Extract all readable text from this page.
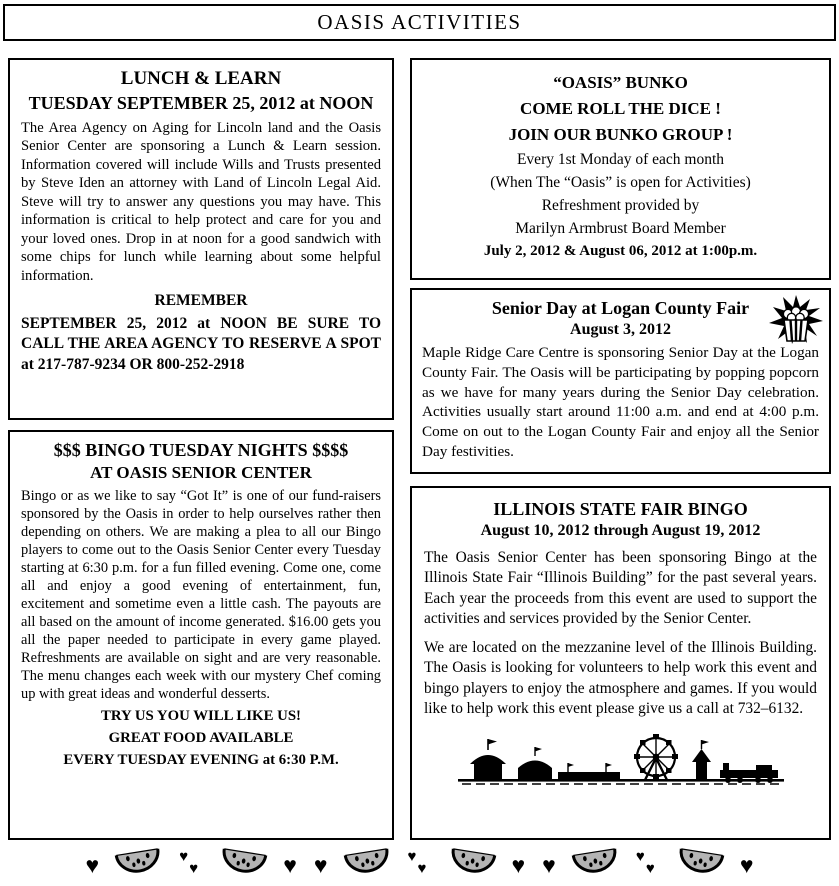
OASIS ACTIVITIES
LUNCH & LEARN
TUESDAY SEPTEMBER 25, 2012 at NOON

The Area Agency on Aging for Lincoln land and the Oasis Senior Center are sponsoring a Lunch & Learn session. Information covered will include Wills and Trusts presented by Steve Iden an attorney with Land of Lincoln Legal Aid. Steve will try to answer any questions you may have. This information is critical to help protect and care for you and your loved ones. Drop in at noon for a good sandwich with some chips for lunch while learning about some helpful information.

REMEMBER

SEPTEMBER 25, 2012 at NOON BE SURE TO CALL THE AREA AGENCY TO RESERVE A SPOT at 217-787-9234 OR 800-252-2918

$$$ BINGO TUESDAY NIGHTS $$$$
AT OASIS SENIOR CENTER

Bingo or as we like to say “Got It” is one of our fund-raisers sponsored by the Oasis in order to help ourselves rather then depending on others. We are making a plea to all our Bingo players to come out to the Oasis Senior Center every Tuesday starting at 6:30 p.m. for a fun filled evening. Come one, come all and enjoy a good evening of entertainment, fun, excitement and sometime even a little cash. The payouts are all based on the amount of income generated. $16.00 gets you all the paper needed to participate in every game played. Refreshments are available on sight and are very reasonable. The menu changes each week with our mystery Chef coming up with great ideas and wonderful desserts.

TRY US YOU WILL LIKE US!
GREAT FOOD AVAILABLE
EVERY TUESDAY EVENING at 6:30 P.M.
“OASIS” BUNKO
COME ROLL THE DICE !
JOIN OUR BUNKO GROUP !
Every 1st Monday of each month
(When The “Oasis” is open for Activities)
Refreshment provided by
Marilyn Armbrust Board Member
July 2, 2012 & August 06, 2012 at 1:00p.m.
Senior Day at Logan County Fair
August 3, 2012

Maple Ridge Care Centre is sponsoring Senior Day at the Logan County Fair. The Oasis will be participating by popping popcorn as we have for many years during the Senior Day celebration. Activities usually start around 11:00 a.m. and end at 4:00 p.m. Come on out to the Logan County Fair and enjoy all the Senior Day festivities.

ILLINOIS STATE FAIR BINGO
August 10, 2012 through August 19, 2012

The Oasis Senior Center has been sponsoring Bingo at the Illinois State Fair “Illinois Building” for the past several years. Each year the proceeds from this event are used to support the activities and services provided by the Senior Center.

We are located on the mezzanine level of the Illinois Building. The Oasis is looking for volunteers to help work this event and bingo players to enjoy the atmosphere and games. If you would like to help work this event please give us a call at 732–6132.

♥	♥
♥	♥ ♥	♥
♥	♥ ♥	♥
♥	♥
